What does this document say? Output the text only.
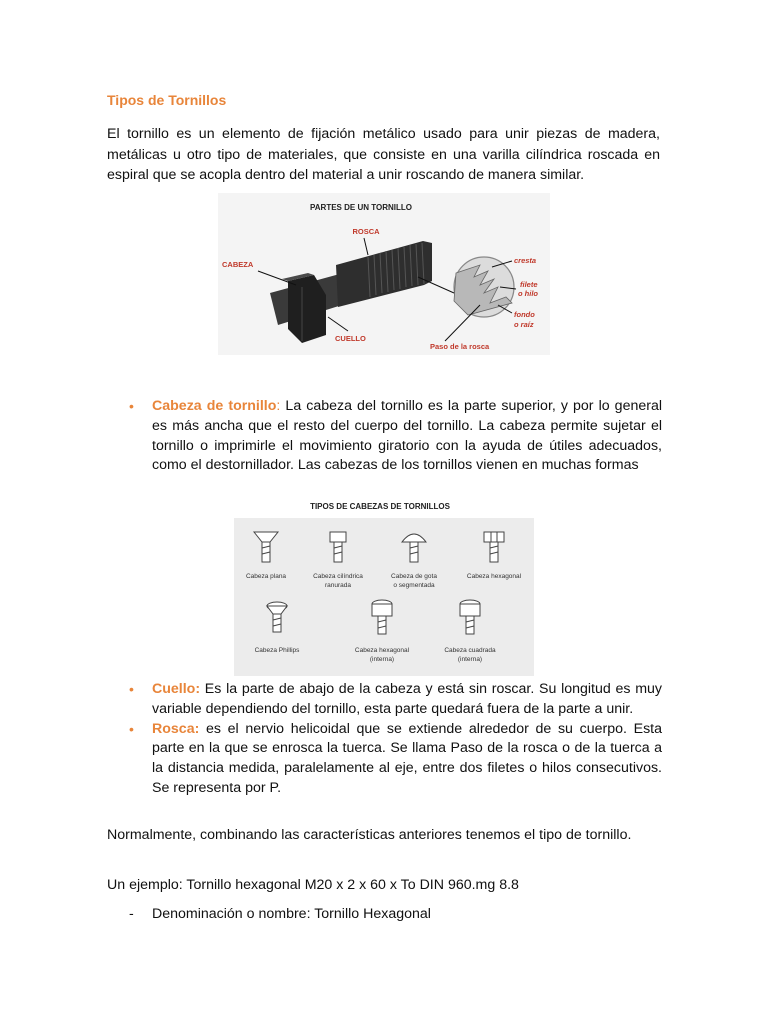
Tipos de Tornillos

El tornillo es un elemento de fijación metálico usado para unir piezas de madera, metálicas u otro tipo de materiales, que consiste en una varilla cilíndrica roscada en espiral que se acopla dentro del material a unir roscando de manera similar.

PARTES DE UN TORNILLO
ROSCA
CABEZA
CUELLO
Paso de la rosca
cresta
filete
o hilo
fondo
o raíz
• Cabeza de tornillo: La cabeza del tornillo es la parte superior, y por lo general es más ancha que el resto del cuerpo del tornillo. La cabeza permite sujetar el tornillo o imprimirle el movimiento giratorio con la ayuda de útiles adecuados, como el destornillador. Las cabezas de los tornillos vienen en muchas formas
TIPOS DE CABEZAS DE TORNILLOS
Cabeza plana	Cabeza cilíndrica
ranurada
Cabeza de gota
o segmentada
Cabeza hexagonal
Cabeza Phillips	Cabeza hexagonal
(interna)
Cabeza cuadrada
(interna)
• Cuello: Es la parte de abajo de la cabeza y está sin roscar. Su longitud es muy variable dependiendo del tornillo, esta parte quedará fuera de la parte a unir.
• Rosca: es el nervio helicoidal que se extiende alrededor de su cuerpo. Esta parte en la que se enrosca la tuerca. Se llama Paso de la rosca o de la tuerca a la distancia medida, paralelamente al eje, entre dos filetes o hilos consecutivos. Se representa por P.

Normalmente, combinando las características anteriores tenemos el tipo de tornillo.

Un ejemplo: Tornillo hexagonal M20 x 2 x 60 x To DIN 960.mg 8.8

- Denominación o nombre: Tornillo Hexagonal
